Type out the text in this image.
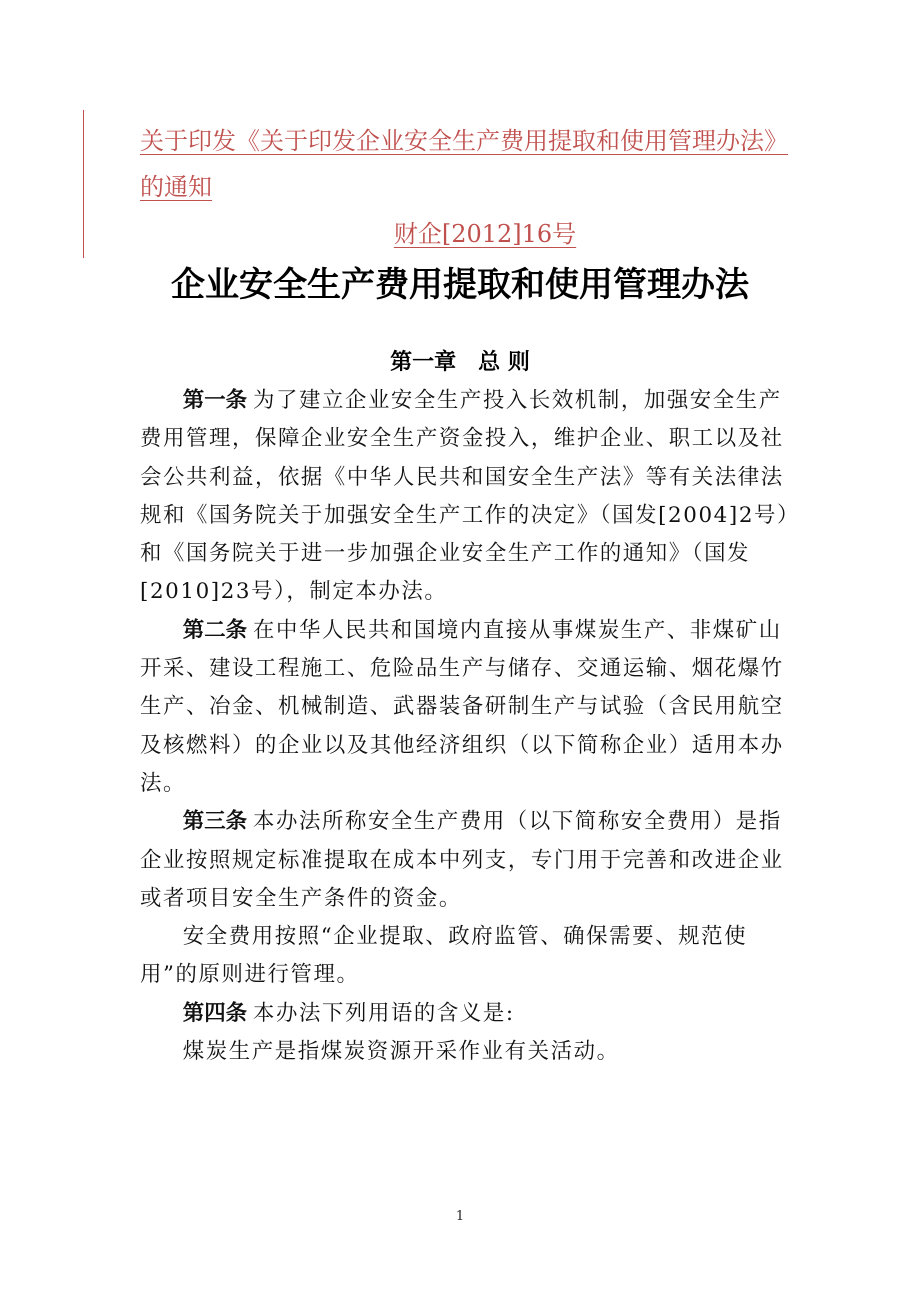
关于印发《关于印发企业安全生产费用提取和使用管理办法》的通知
财企[2012]16号
企业安全生产费用提取和使用管理办法
第一章　总 则

第一条 为了建立企业安全生产投入长效机制，加强安全生产费用管理，保障企业安全生产资金投入，维护企业、职工以及社会公共利益，依据《中华人民共和国安全生产法》等有关法律法规和《国务院关于加强安全生产工作的决定》（国发[2004]2号）和《国务院关于进一步加强企业安全生产工作的通知》（国发[2010]23号），制定本办法。

第二条 在中华人民共和国境内直接从事煤炭生产、非煤矿山开采、建设工程施工、危险品生产与储存、交通运输、烟花爆竹生产、冶金、机械制造、武器装备研制生产与试验（含民用航空及核燃料）的企业以及其他经济组织（以下简称企业）适用本办法。

第三条 本办法所称安全生产费用（以下简称安全费用）是指企业按照规定标准提取在成本中列支，专门用于完善和改进企业或者项目安全生产条件的资金。

安全费用按照“企业提取、政府监管、确保需要、规范使用”的原则进行管理。

第四条 本办法下列用语的含义是:

煤炭生产是指煤炭资源开采作业有关活动。

1
